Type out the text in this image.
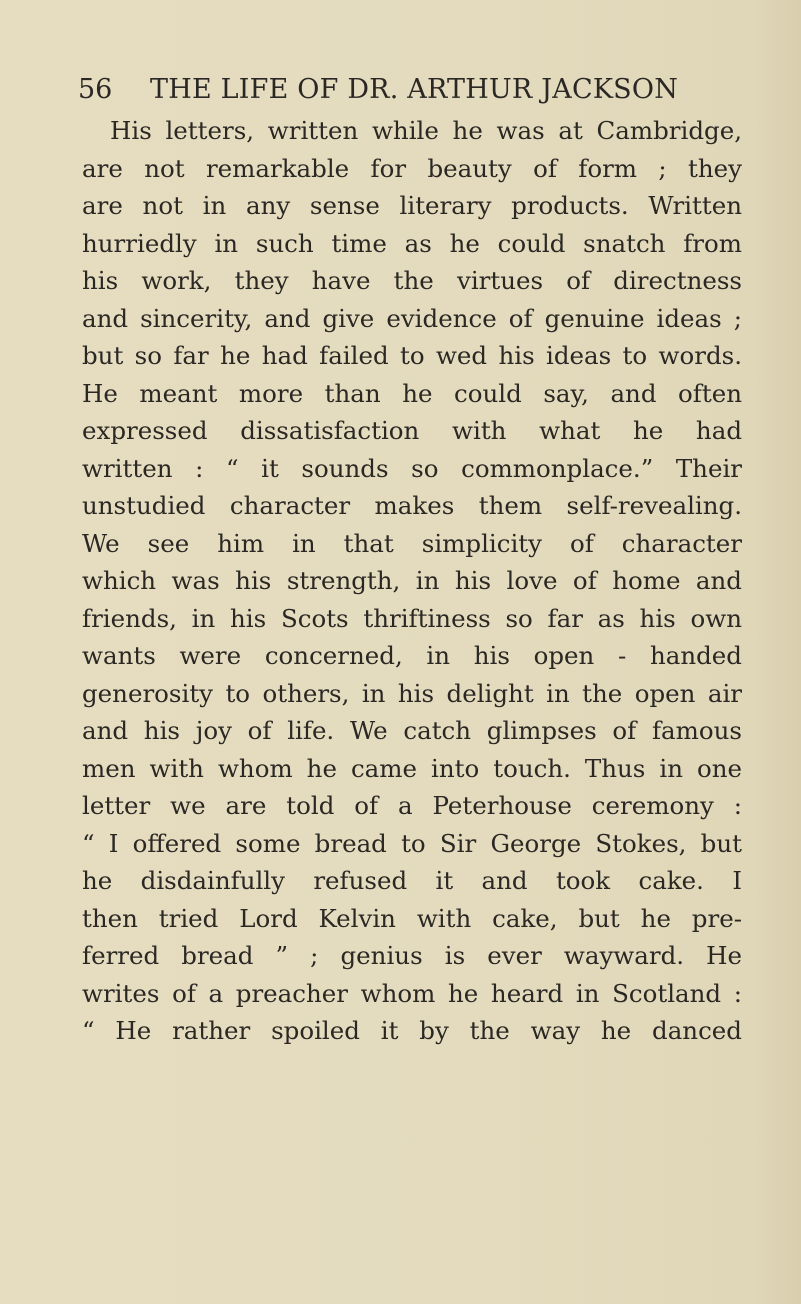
56 THE LIFE OF DR. ARTHUR JACKSON
His letters, written while he was at Cambridge,
are not remarkable for beauty of form ; they
are not in any sense literary products. Written
hurriedly in such time as he could snatch from
his work, they have the virtues of directness
and sincerity, and give evidence of genuine ideas ;
but so far he had failed to wed his ideas to words.
He meant more than he could say, and often
expressed dissatisfaction with what he had
written : “ it sounds so commonplace.” Their
unstudied character makes them self-revealing.
We see him in that simplicity of character
which was his strength, in his love of home and
friends, in his Scots thriftiness so far as his own
wants were concerned, in his open - handed
generosity to others, in his delight in the open air
and his joy of life. We catch glimpses of famous
men with whom he came into touch. Thus in one
letter we are told of a Peterhouse ceremony :
“ I offered some bread to Sir George Stokes, but
he disdainfully refused it and took cake. I
then tried Lord Kelvin with cake, but he pre-
ferred bread ” ; genius is ever wayward. He
writes of a preacher whom he heard in Scotland :
“ He rather spoiled it by the way he danced
